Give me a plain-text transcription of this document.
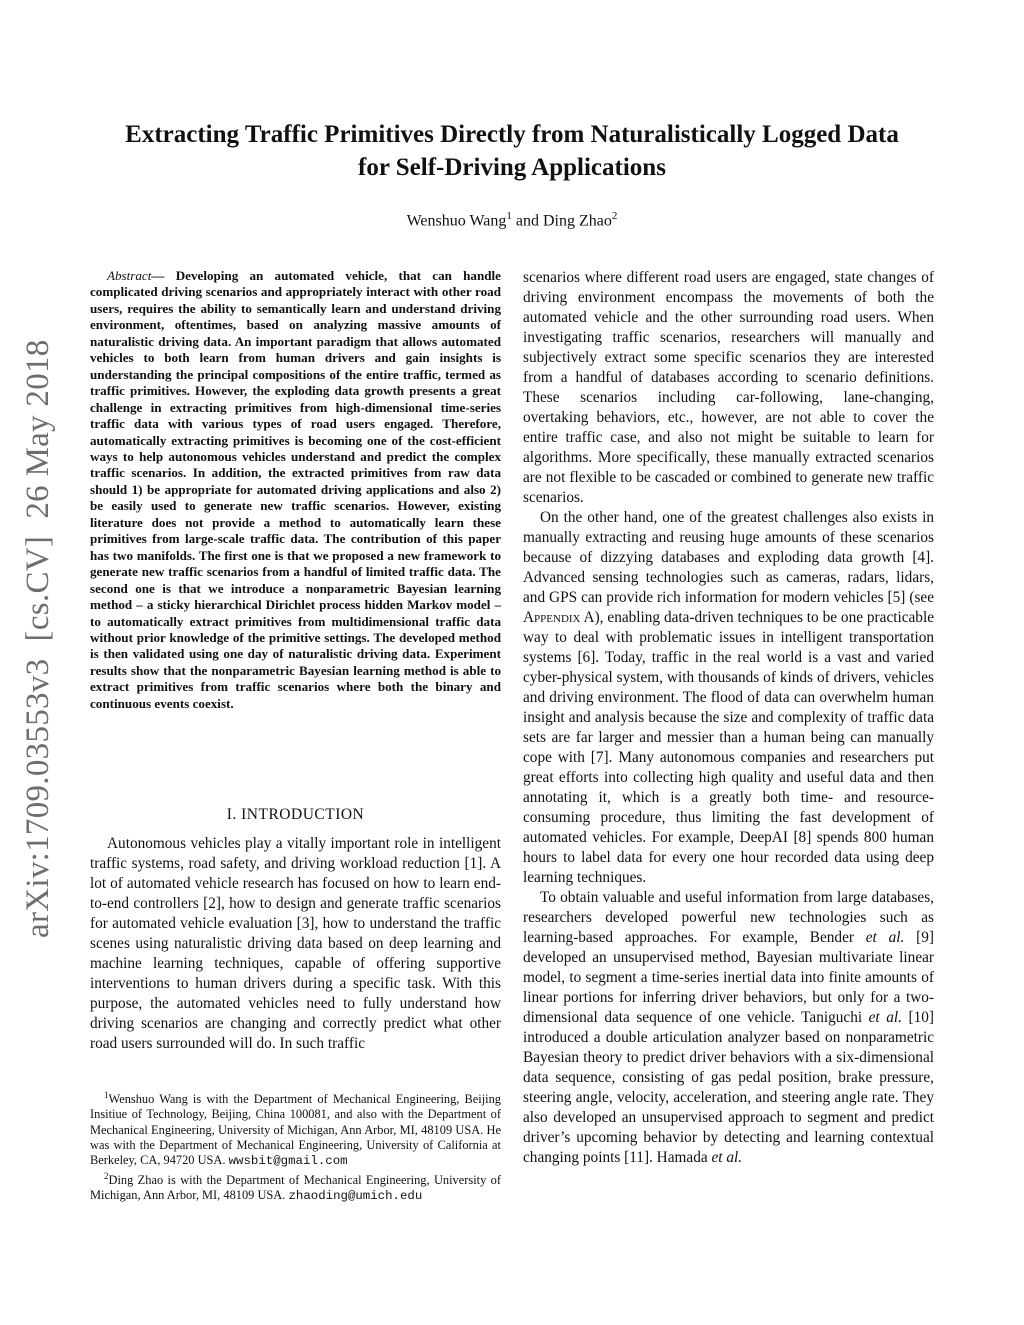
Extracting Traffic Primitives Directly from Naturalistically Logged Data
for Self-Driving Applications
Wenshuo Wang$^1$ and Ding Zhao$^2$
arXiv:1709.03553v3  [cs.CV]  26 May 2018

Abstract— Developing an automated vehicle, that can handle complicated driving scenarios and appropriately interact with other road users, requires the ability to semantically learn and understand driving environment, oftentimes, based on analyzing massive amounts of naturalistic driving data. An important paradigm that allows automated vehicles to both learn from human drivers and gain insights is understanding the principal compositions of the entire traffic, termed as traffic primitives. However, the exploding data growth presents a great challenge in extracting primitives from high-dimensional time-series traffic data with various types of road users engaged. Therefore, automatically extracting primitives is becoming one of the cost-efficient ways to help autonomous vehicles understand and predict the complex traffic scenarios. In addition, the extracted primitives from raw data should 1) be appropriate for automated driving applications and also 2) be easily used to generate new traffic scenarios. However, existing literature does not provide a method to automatically learn these primitives from large-scale traffic data. The contribution of this paper has two manifolds. The first one is that we proposed a new framework to generate new traffic scenarios from a handful of limited traffic data. The second one is that we introduce a nonparametric Bayesian learning method – a sticky hierarchical Dirichlet process hidden Markov model – to automatically extract primitives from multidimensional traffic data without prior knowledge of the primitive settings. The developed method is then validated using one day of naturalistic driving data. Experiment results show that the nonparametric Bayesian learning method is able to extract primitives from traffic scenarios where both the binary and continuous events coexist.

I. INTRODUCTION

Autonomous vehicles play a vitally important role in intelligent traffic systems, road safety, and driving workload reduction [1]. A lot of automated vehicle research has focused on how to learn end-to-end controllers [2], how to design and generate traffic scenarios for automated vehicle evaluation [3], how to understand the traffic scenes using naturalistic driving data based on deep learning and machine learning techniques, capable of offering supportive interventions to human drivers during a specific task. With this purpose, the automated vehicles need to fully understand how driving scenarios are changing and correctly predict what other road users surrounded will do. In such traffic

$^1$Wenshuo Wang is with the Department of Mechanical Engineering, Beijing Insitiue of Technology, Beijing, China 100081, and also with the Department of Mechanical Engineering, University of Michigan, Ann Arbor, MI, 48109 USA. He was with the Department of Mechanical Engineering, University of California at Berkeley, CA, 94720 USA. wwsbit@gmail.com

$^2$Ding Zhao is with the Department of Mechanical Engineering, University of Michigan, Ann Arbor, MI, 48109 USA. zhaoding@umich.edu

scenarios where different road users are engaged, state changes of driving environment encompass the movements of both the automated vehicle and the other surrounding road users. When investigating traffic scenarios, researchers will manually and subjectively extract some specific scenarios they are interested from a handful of databases according to scenario definitions. These scenarios including car-following, lane-changing, overtaking behaviors, etc., however, are not able to cover the entire traffic case, and also not might be suitable to learn for algorithms. More specifically, these manually extracted scenarios are not flexible to be cascaded or combined to generate new traffic scenarios.

On the other hand, one of the greatest challenges also exists in manually extracting and reusing huge amounts of these scenarios because of dizzying databases and exploding data growth [4]. Advanced sensing technologies such as cameras, radars, lidars, and GPS can provide rich information for modern vehicles [5] (see Appendix A), enabling data-driven techniques to be one practicable way to deal with problematic issues in intelligent transportation systems [6]. Today, traffic in the real world is a vast and varied cyber-physical system, with thousands of kinds of drivers, vehicles and driving environment. The flood of data can overwhelm human insight and analysis because the size and complexity of traffic data sets are far larger and messier than a human being can manually cope with [7]. Many autonomous companies and researchers put great efforts into collecting high quality and useful data and then annotating it, which is a greatly both time- and resource-consuming procedure, thus limiting the fast development of automated vehicles. For example, DeepAI [8] spends 800 human hours to label data for every one hour recorded data using deep learning techniques.

To obtain valuable and useful information from large databases, researchers developed powerful new technologies such as learning-based approaches. For example, Bender et al. [9] developed an unsupervised method, Bayesian multivariate linear model, to segment a time-series inertial data into finite amounts of linear portions for inferring driver behaviors, but only for a two-dimensional data sequence of one vehicle. Taniguchi et al. [10] introduced a double articulation analyzer based on nonparametric Bayesian theory to predict driver behaviors with a six-dimensional data sequence, consisting of gas pedal position, brake pressure, steering angle, velocity, acceleration, and steering angle rate. They also developed an unsupervised approach to segment and predict driver’s upcoming behavior by detecting and learning contextual changing points [11]. Hamada et al.
